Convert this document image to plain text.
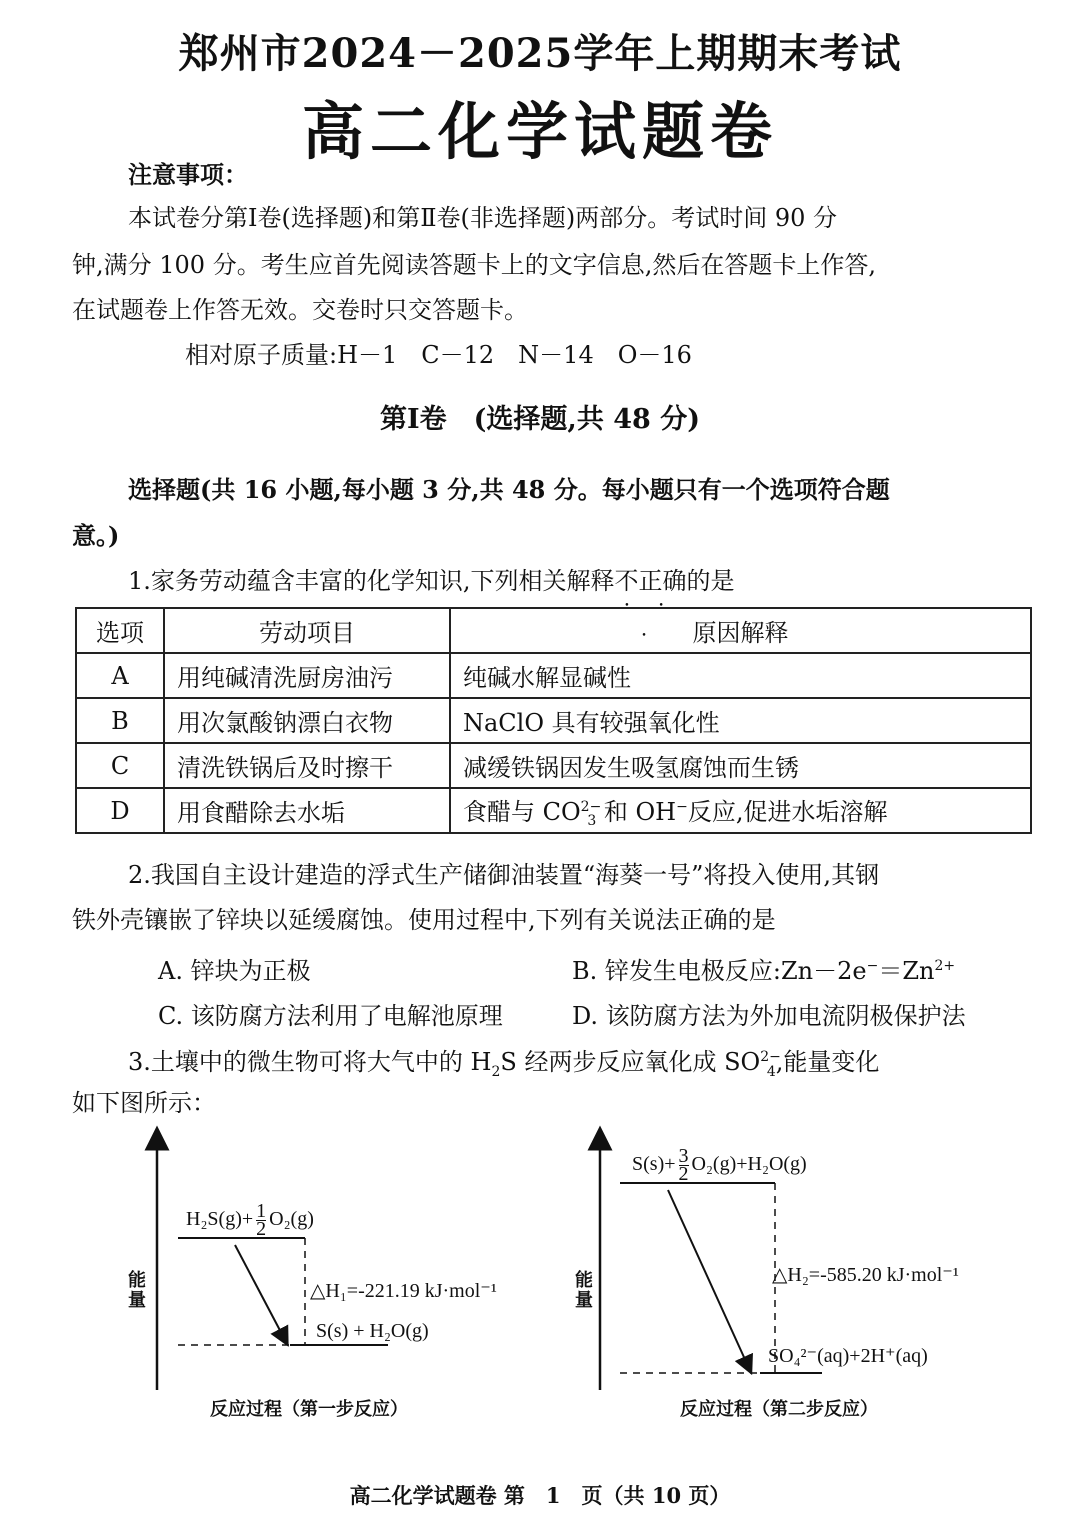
郑州市2024－2025学年上期期末考试
高二化学试题卷
注意事项：
本试卷分第Ⅰ卷(选择题)和第Ⅱ卷(非选择题)两部分。考试时间 90 分
钟,满分 100 分。考生应首先阅读答题卡上的文字信息,然后在答题卡上作答,
在试题卷上作答无效。交卷时只交答题卡。
相对原子质量:H－1　C－12　N－14　O－16
第Ⅰ卷　(选择题,共 48 分)
选择题(共 16 小题,每小题 3 分,共 48 分。每小题只有一个选项符合题
意。)
1.家务劳动蕴含丰富的化学知识,下列相关解释不正确 • • •的是
选项	劳动项目	原因解释
A	用纯碱清洗厨房油污	纯碱水解显碱性
B	用次氯酸钠漂白衣物	NaClO 具有较强氧化性
C	清洗铁锅后及时擦干	减缓铁锅因发生吸氢腐蚀而生锈
D	用食醋除去水垢	食醋与 $CO^{2-}_3$ 和 OH−反应,促进水垢溶解
2.我国自主设计建造的浮式生产储御油装置“海葵一号”将投入使用,其钢
铁外壳镶嵌了锌块以延缓腐蚀。使用过程中,下列有关说法正确的是
A. 锌块为正极	B. 锌发生电极反应$:Zn-2e^-=Zn^{2+}$
C. 该防腐方法利用了电解池原理	D. 该防腐方法为外加电流阴极保护法
3.土壤中的微生物可将大气中的 $H_2S$ 经两步反应氧化成 $SO^{2-}_4$,能量变化
如下图所示：
能量
$H_2S(g)+ \frac{1}{2} O_2(g)$
△H₁=-221.19 kJ·mol⁻¹
S(s) + H₂O(g)
反应过程（第一步反应）
能量
$S(s)+ \frac{3}{2} O_2(g)+H_2O(g)$
△H₂=-585.20 kJ·mol⁻¹
SO₄²⁻(aq)+2H⁺(aq)
反应过程（第二步反应）
高二化学试题卷 第　1　页（共 10 页）
